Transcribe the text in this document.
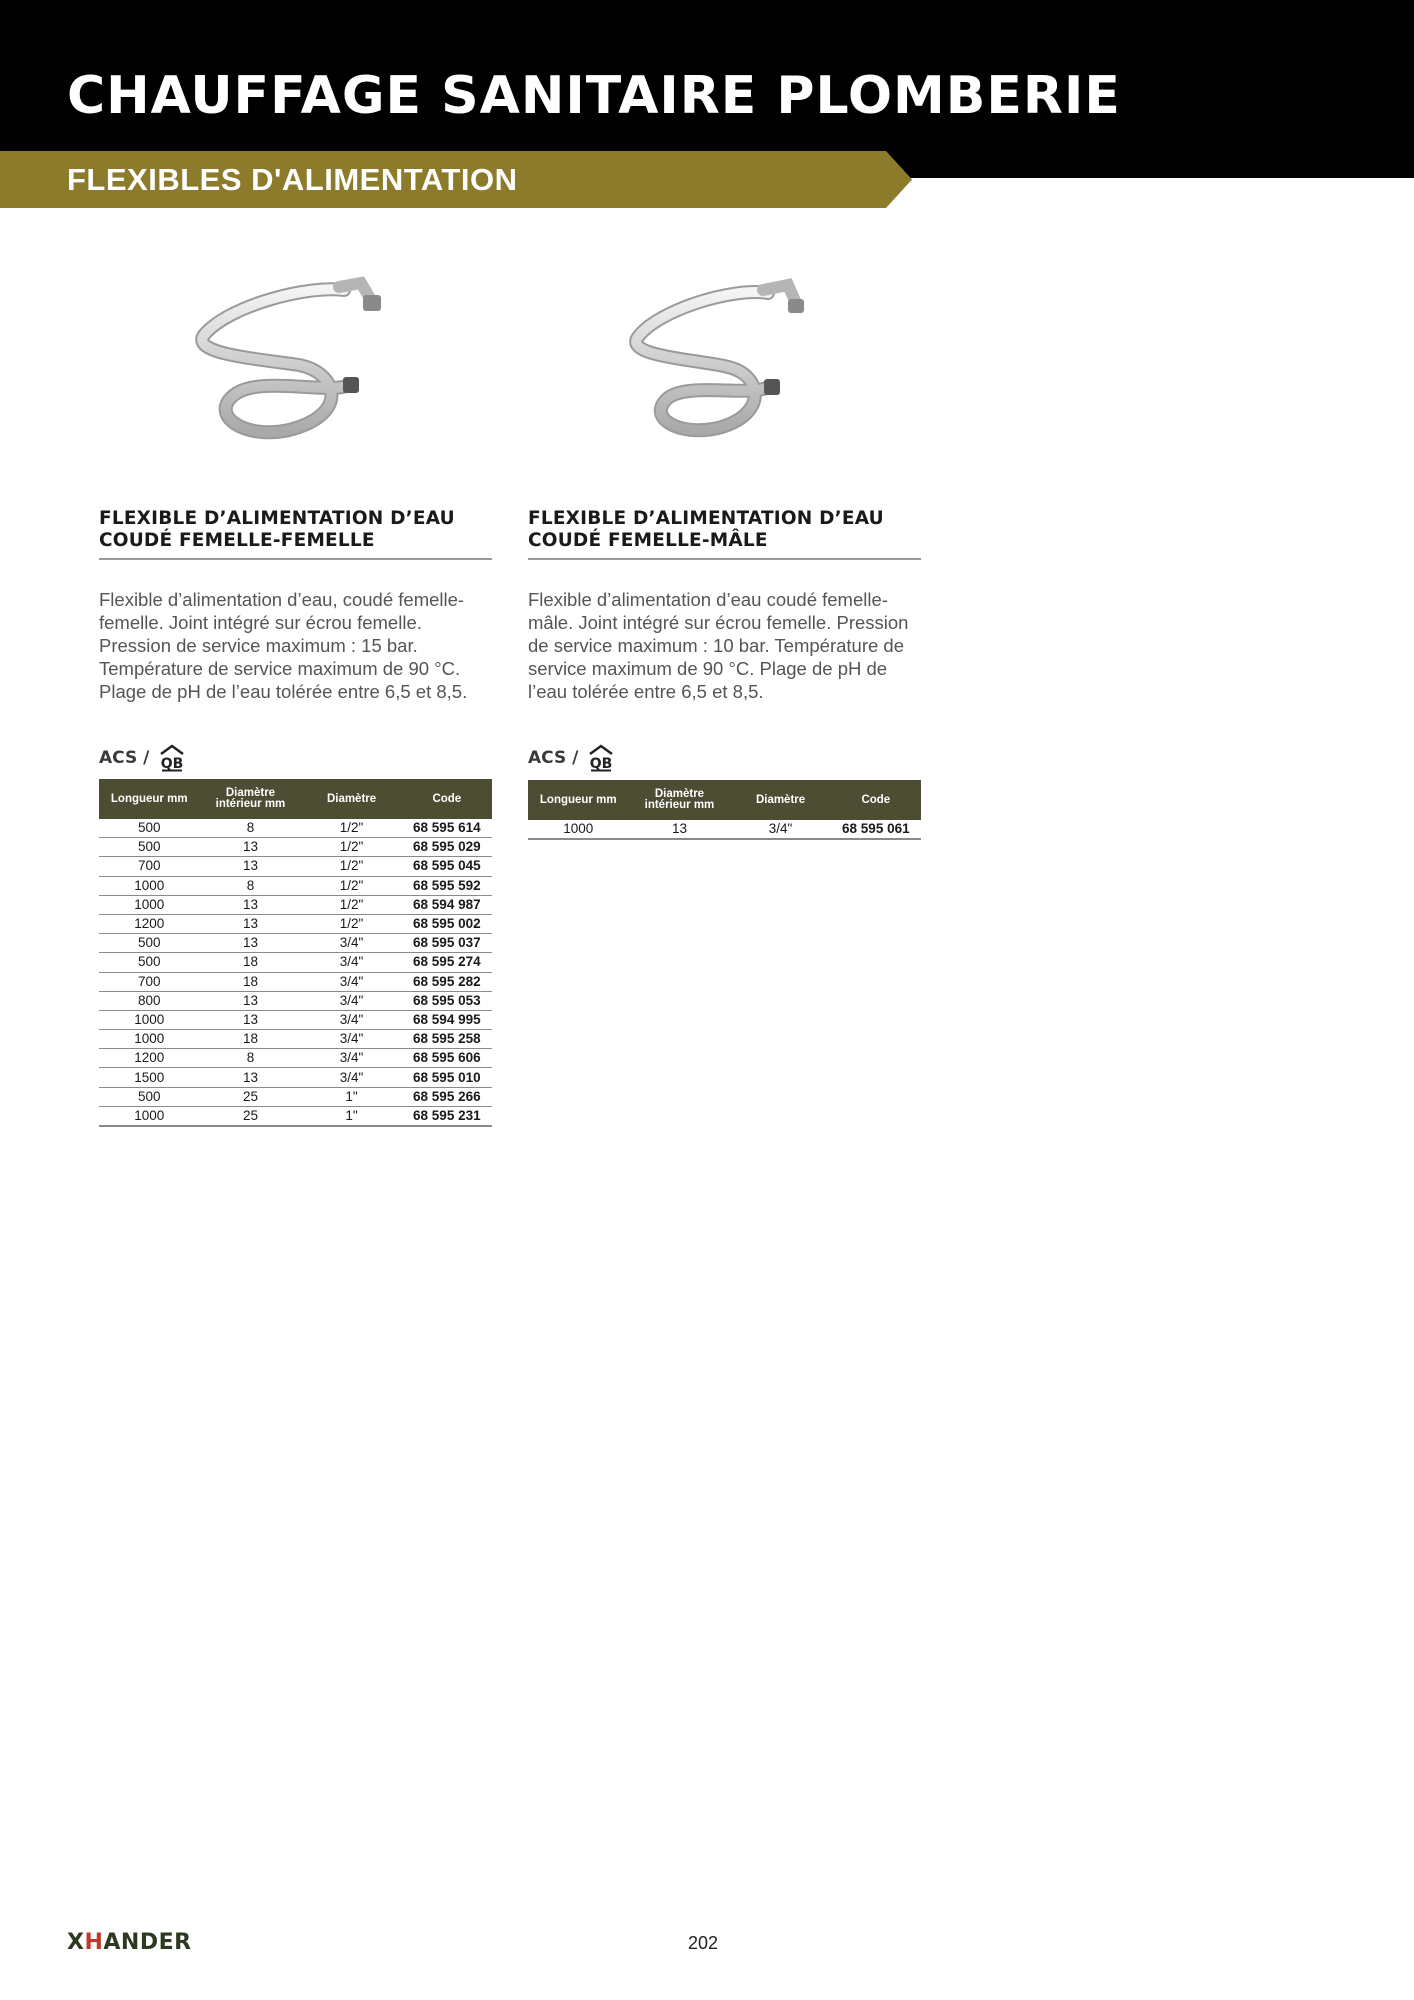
CHAUFFAGE SANITAIRE PLOMBERIE
FLEXIBLES D'ALIMENTATION
FLEXIBLE D’ALIMENTATION D’EAU
COUDÉ FEMELLE-FEMELLE

Flexible d’alimentation d’eau, coudé femelle-femelle. Joint intégré sur écrou femelle. Pression de service maximum : 15 bar. Température de service maximum de 90 °C. Plage de pH de l’eau tolérée entre 6,5 et 8,5.

ACS / QB
Longueur mm	Diamètre intérieur mm	Diamètre	Code
500	8	1/2"	68 595 614
500	13	1/2"	68 595 029
700	13	1/2"	68 595 045
1000	8	1/2"	68 595 592
1000	13	1/2"	68 594 987
1200	13	1/2"	68 595 002
500	13	3/4"	68 595 037
500	18	3/4"	68 595 274
700	18	3/4"	68 595 282
800	13	3/4"	68 595 053
1000	13	3/4"	68 594 995
1000	18	3/4"	68 595 258
1200	8	3/4"	68 595 606
1500	13	3/4"	68 595 010
500	25	1"	68 595 266
1000	25	1"	68 595 231
FLEXIBLE D’ALIMENTATION D’EAU
COUDÉ FEMELLE-MÂLE

Flexible d’alimentation d’eau coudé femelle-mâle. Joint intégré sur écrou femelle. Pression de service maximum : 10 bar. Température de service maximum de 90 °C. Plage de pH de l’eau tolérée entre 6,5 et 8,5.

ACS / QB
Longueur mm	Diamètre intérieur mm	Diamètre	Code
1000	13	3/4"	68 595 061
XHANDER	202
